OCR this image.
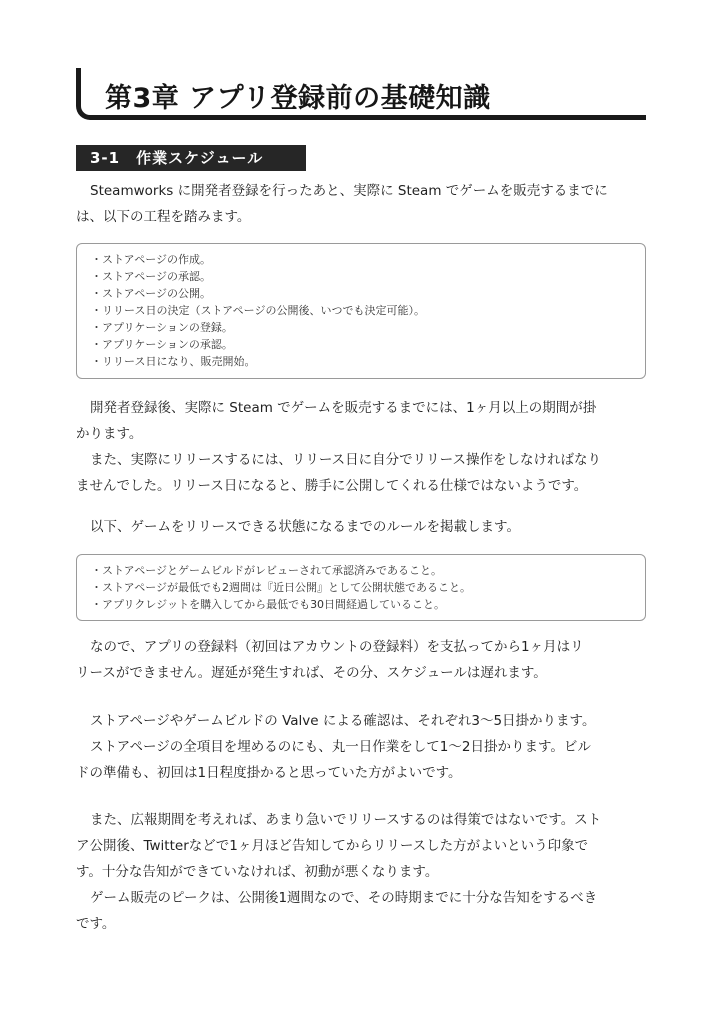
第3章 アプリ登録前の基礎知識
3-1　作業スケジュール

Steamworks に開発者登録を行ったあと、実際に Steam でゲームを販売するまでに
は、以下の工程を踏みます。

・ストアページの作成。
・ストアページの承認。
・ストアページの公開。
・リリース日の決定（ストアページの公開後、いつでも決定可能）。
・アプリケーションの登録。
・アプリケーションの承認。
・リリース日になり、販売開始。

開発者登録後、実際に Steam でゲームを販売するまでには、1ヶ月以上の期間が掛
かります。
また、実際にリリースするには、リリース日に自分でリリース操作をしなければなり
ませんでした。リリース日になると、勝手に公開してくれる仕様ではないようです。

以下、ゲームをリリースできる状態になるまでのルールを掲載します。

・ストアページとゲームビルドがレビューされて承認済みであること。
・ストアページが最低でも2週間は『近日公開』として公開状態であること。
・アプリクレジットを購入してから最低でも30日間経過していること。

なので、アプリの登録料（初回はアカウントの登録料）を支払ってから1ヶ月はリ
リースができません。遅延が発生すれば、その分、スケジュールは遅れます。

ストアページやゲームビルドの Valve による確認は、それぞれ3〜5日掛かります。
ストアページの全項目を埋めるのにも、丸一日作業をして1〜2日掛かります。ビル
ドの準備も、初回は1日程度掛かると思っていた方がよいです。

また、広報期間を考えれば、あまり急いでリリースするのは得策ではないです。スト
ア公開後、Twitterなどで1ヶ月ほど告知してからリリースした方がよいという印象で
す。十分な告知ができていなければ、初動が悪くなります。
ゲーム販売のピークは、公開後1週間なので、その時期までに十分な告知をするべき
です。
